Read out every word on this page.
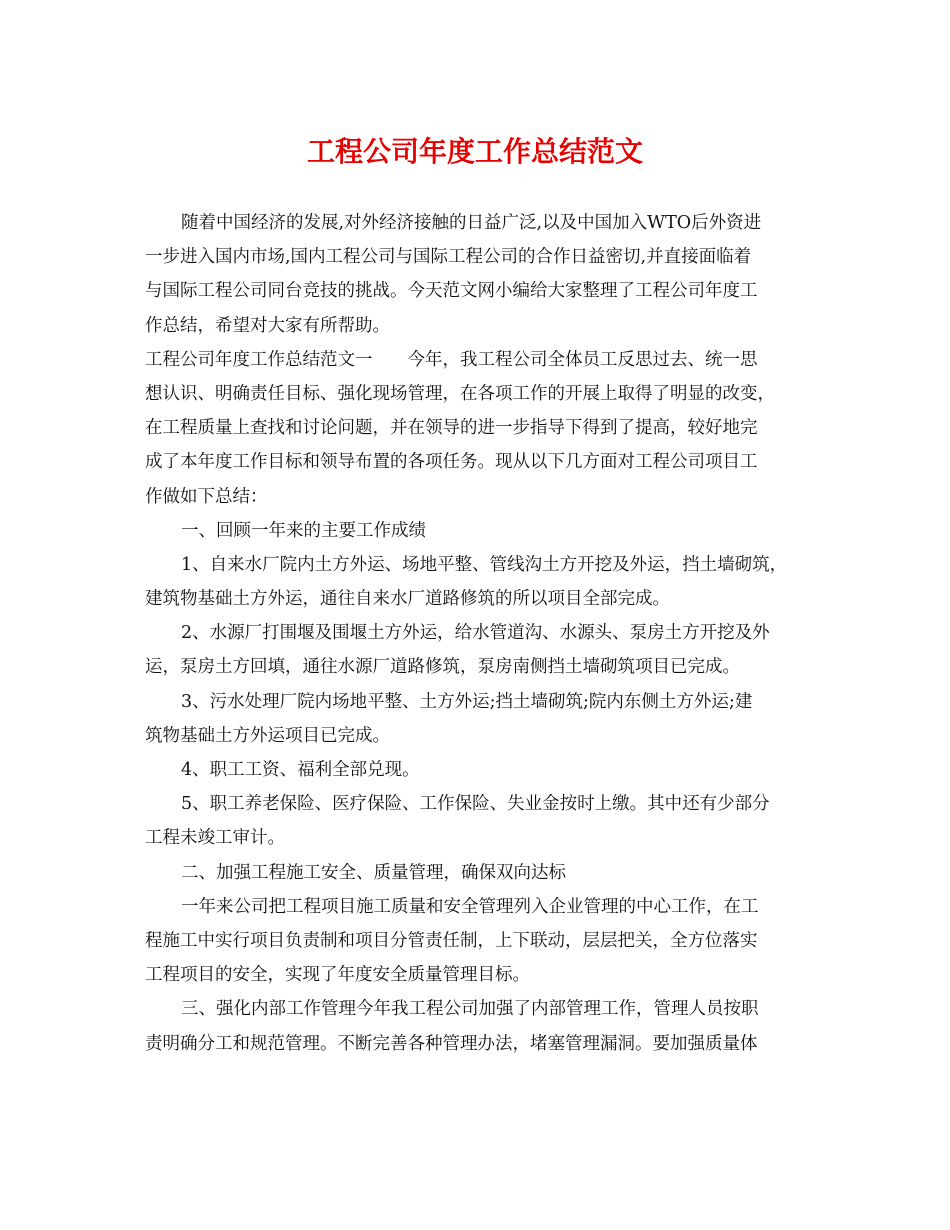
工程公司年度工作总结范文
随着中国经济的发展,对外经济接触的日益广泛,以及中国加入WTO后外资进
一步进入国内市场,国内工程公司与国际工程公司的合作日益密切,并直接面临着
与国际工程公司同台竞技的挑战。今天范文网小编给大家整理了工程公司年度工
作总结，希望对大家有所帮助。
工程公司年度工作总结范文一　　今年，我工程公司全体员工反思过去、统一思
想认识、明确责任目标、强化现场管理，在各项工作的开展上取得了明显的改变，
在工程质量上查找和讨论问题，并在领导的进一步指导下得到了提高，较好地完
成了本年度工作目标和领导布置的各项任务。现从以下几方面对工程公司项目工
作做如下总结：
一、回顾一年来的主要工作成绩
1、自来水厂院内土方外运、场地平整、管线沟土方开挖及外运，挡土墙砌筑，
建筑物基础土方外运，通往自来水厂道路修筑的所以项目全部完成。
2、水源厂打围堰及围堰土方外运，给水管道沟、水源头、泵房土方开挖及外
运，泵房土方回填，通往水源厂道路修筑，泵房南侧挡土墙砌筑项目已完成。
3、污水处理厂院内场地平整、土方外运;挡土墙砌筑;院内东侧土方外运;建
筑物基础土方外运项目已完成。
4、职工工资、福利全部兑现。
5、职工养老保险、医疗保险、工作保险、失业金按时上缴。其中还有少部分
工程未竣工审计。
二、加强工程施工安全、质量管理，确保双向达标
一年来公司把工程项目施工质量和安全管理列入企业管理的中心工作，在工
程施工中实行项目负责制和项目分管责任制，上下联动，层层把关，全方位落实
工程项目的安全，实现了年度安全质量管理目标。
三、强化内部工作管理今年我工程公司加强了内部管理工作，管理人员按职
责明确分工和规范管理。不断完善各种管理办法，堵塞管理漏洞。要加强质量体
